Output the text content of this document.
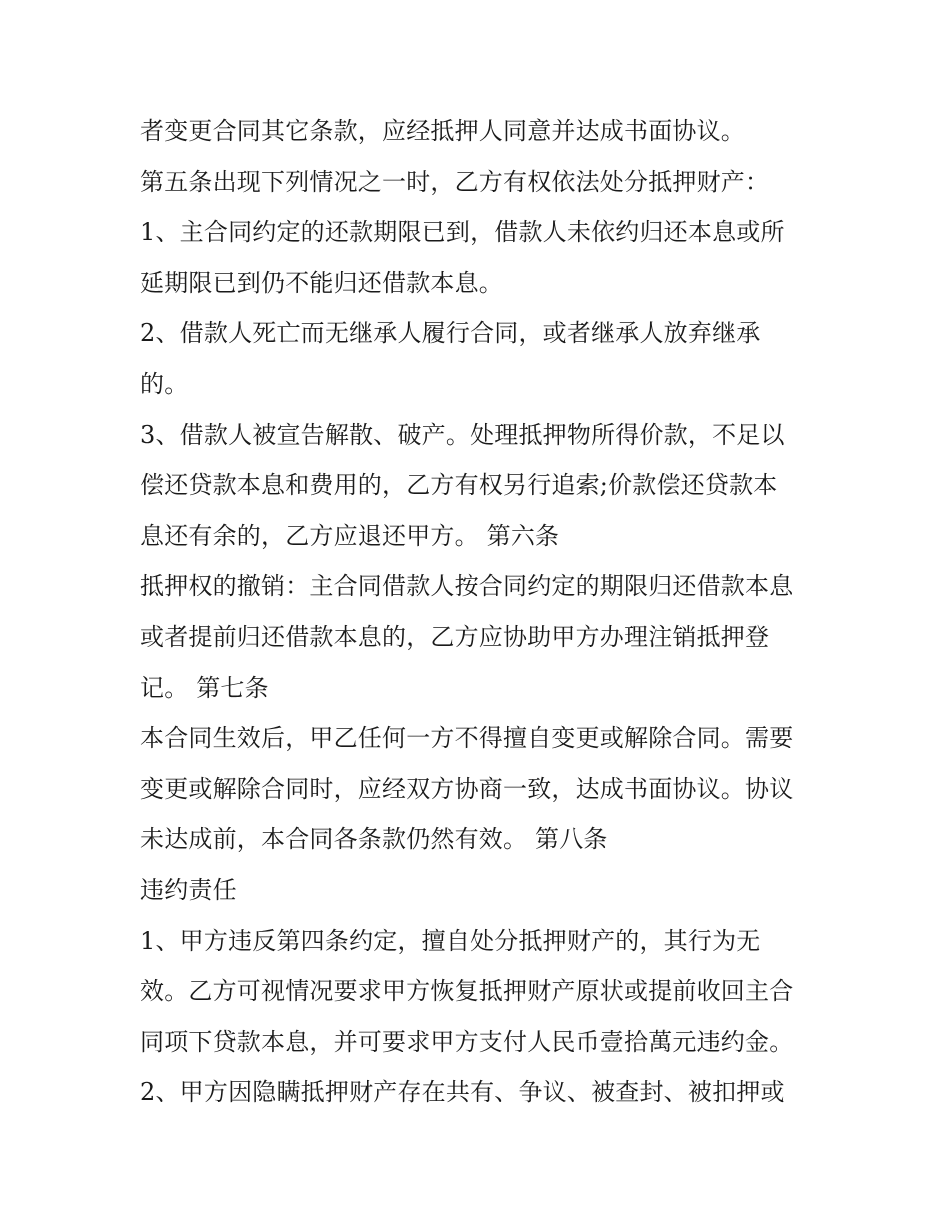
者变更合同其它条款，应经抵押人同意并达成书面协议。
第五条出现下列情况之一时，乙方有权依法处分抵押财产：
1、主合同约定的还款期限已到，借款人未依约归还本息或所
延期限已到仍不能归还借款本息。
2、借款人死亡而无继承人履行合同，或者继承人放弃继承
的。
3、借款人被宣告解散、破产。处理抵押物所得价款，不足以
偿还贷款本息和费用的，乙方有权另行追索;价款偿还贷款本
息还有余的，乙方应退还甲方。 第六条
抵押权的撤销：主合同借款人按合同约定的期限归还借款本息
或者提前归还借款本息的，乙方应协助甲方办理注销抵押登
记。 第七条
本合同生效后，甲乙任何一方不得擅自变更或解除合同。需要
变更或解除合同时，应经双方协商一致，达成书面协议。协议
未达成前，本合同各条款仍然有效。 第八条
违约责任
1、甲方违反第四条约定，擅自处分抵押财产的，其行为无
效。乙方可视情况要求甲方恢复抵押财产原状或提前收回主合
同项下贷款本息，并可要求甲方支付人民币壹拾萬元违约金。
2、甲方因隐瞒抵押财产存在共有、争议、被查封、被扣押或
